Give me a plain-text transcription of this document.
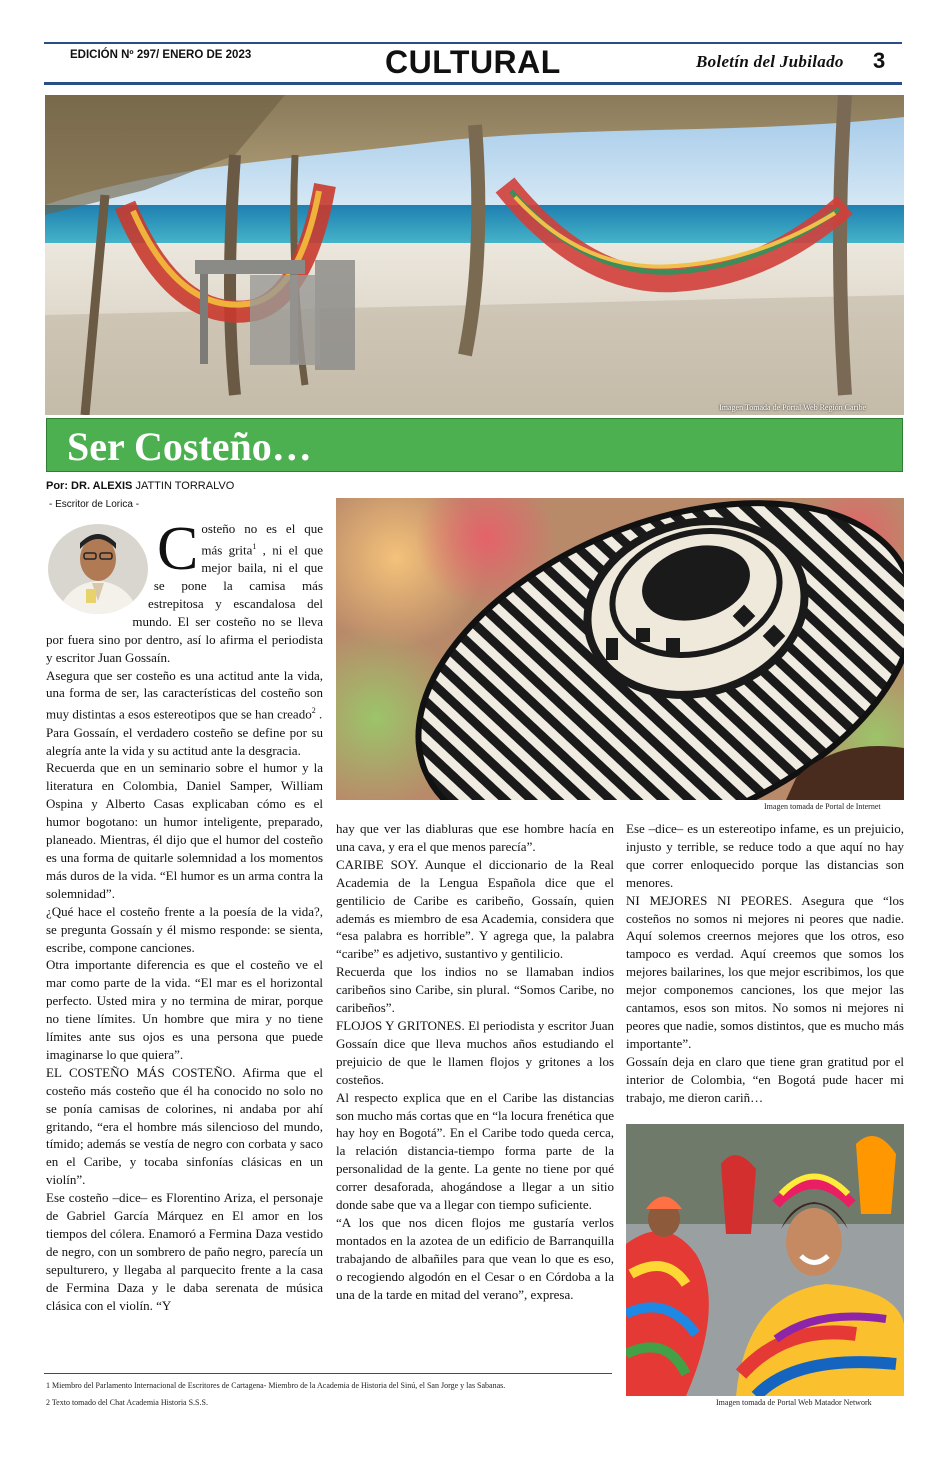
EDICIÓN Nº 297/ ENERO DE 2023	CULTURAL	Boletín del Jubilado 3
Imagen Tomada de Portal Web Región Caribe
Ser Costeño…
Por: DR. ALEXIS JATTIN TORRALVO
- Escritor de Lorica -
Imagen tomada de Portal de Internet

Costeño no es el que más grita$^1$ , ni el que mejor baila, ni el que se pone la camisa más estrepitosa y escandalosa del mundo. El ser costeño no se lleva por fuera sino por dentro, así lo afirma el periodista y escritor Juan Gossaín.

Asegura que ser costeño es una actitud ante la vida, una forma de ser, las características del costeño son muy distintas a esos estereotipos que se han creado$^2$ .

Para Gossaín, el verdadero costeño se define por su alegría ante la vida y su actitud ante la desgracia.

Recuerda que en un seminario sobre el humor y la literatura en Colombia, Daniel Samper, William Ospina y Alberto Casas explicaban cómo es el humor bogotano: un humor inteligente, preparado, planeado. Mientras, él dijo que el humor del costeño es una forma de quitarle solemnidad a los momentos más duros de la vida. “El humor es un arma contra la solemnidad”.

¿Qué hace el costeño frente a la poesía de la vida?, se pregunta Gossaín y él mismo responde: se sienta, escribe, compone canciones.

Otra importante diferencia es que el costeño ve el mar como parte de la vida. “El mar es el horizontal perfecto. Usted mira y no termina de mirar, porque no tiene límites. Un hombre que mira y no tiene límites ante sus ojos es una persona que puede imaginarse lo que quiera”.

EL COSTEÑO MÁS COSTEÑO. Afirma que el costeño más costeño que él ha conocido no solo no se ponía camisas de colorines, ni andaba por ahí gritando, “era el hombre más silencioso del mundo, tímido; además se vestía de negro con corbata y saco en el Caribe, y tocaba sinfonías clásicas en un violín”.

Ese costeño –dice– es Florentino Ariza, el personaje de Gabriel García Márquez en El amor en los tiempos del cólera. Enamoró a Fermina Daza vestido de negro, con un sombrero de paño negro, parecía un sepulturero, y llegaba al parquecito frente a la casa de Fermina Daza y le daba serenata de música clásica con el violín. “Y

hay que ver las diabluras que ese hombre hacía en una cava, y era el que menos parecía”.

CARIBE SOY. Aunque el diccionario de la Real Academia de la Lengua Española dice que el gentilicio de Caribe es caribeño, Gossaín, quien además es miembro de esa Academia, considera que “esa palabra es horrible”. Y agrega que, la palabra “caribe” es adjetivo, sustantivo y gentilicio.

Recuerda que los indios no se llamaban indios caribeños sino Caribe, sin plural. “Somos Caribe, no caribeños”.

FLOJOS Y GRITONES. El periodista y escritor Juan Gossaín dice que lleva muchos años estudiando el prejuicio de que le llamen flojos y gritones a los costeños.

Al respecto explica que en el Caribe las distancias son mucho más cortas que en “la locura frenética que hay hoy en Bogotá”. En el Caribe todo queda cerca, la relación distancia-tiempo forma parte de la personalidad de la gente. La gente no tiene por qué correr desaforada, ahogándose a llegar a un sitio donde sabe que va a llegar con tiempo suficiente.

“A los que nos dicen flojos me gustaría verlos montados en la azotea de un edificio de Barranquilla trabajando de albañiles para que vean lo que es eso, o recogiendo algodón en el Cesar o en Córdoba a la una de la tarde en mitad del verano”, expresa.

Ese –dice– es un estereotipo infame, es un prejuicio, injusto y terrible, se reduce todo a que aquí no hay que correr enloquecido porque las distancias son menores.

NI MEJORES NI PEORES. Asegura que “los costeños no somos ni mejores ni peores que nadie. Aquí solemos creernos mejores que los otros, eso tampoco es verdad. Aquí creemos que somos los mejores bailarines, los que mejor escribimos, los que mejor componemos canciones, los que mejor las cantamos, esos son mitos. No somos ni mejores ni peores que nadie, somos distintos, que es mucho más importante”.

Gossaín deja en claro que tiene gran gratitud por el interior de Colombia, “en Bogotá pude hacer mi trabajo, me dieron cariñ…

Imagen tomada de Portal Web Matador Network
1 Miembro del Parlamento Internacional de Escritores de Cartagena- Miembro de la Academia de Historia del Sinú, el San Jorge y las Sabanas.
2 Texto tomado del Chat Academia Historia S.S.S.
